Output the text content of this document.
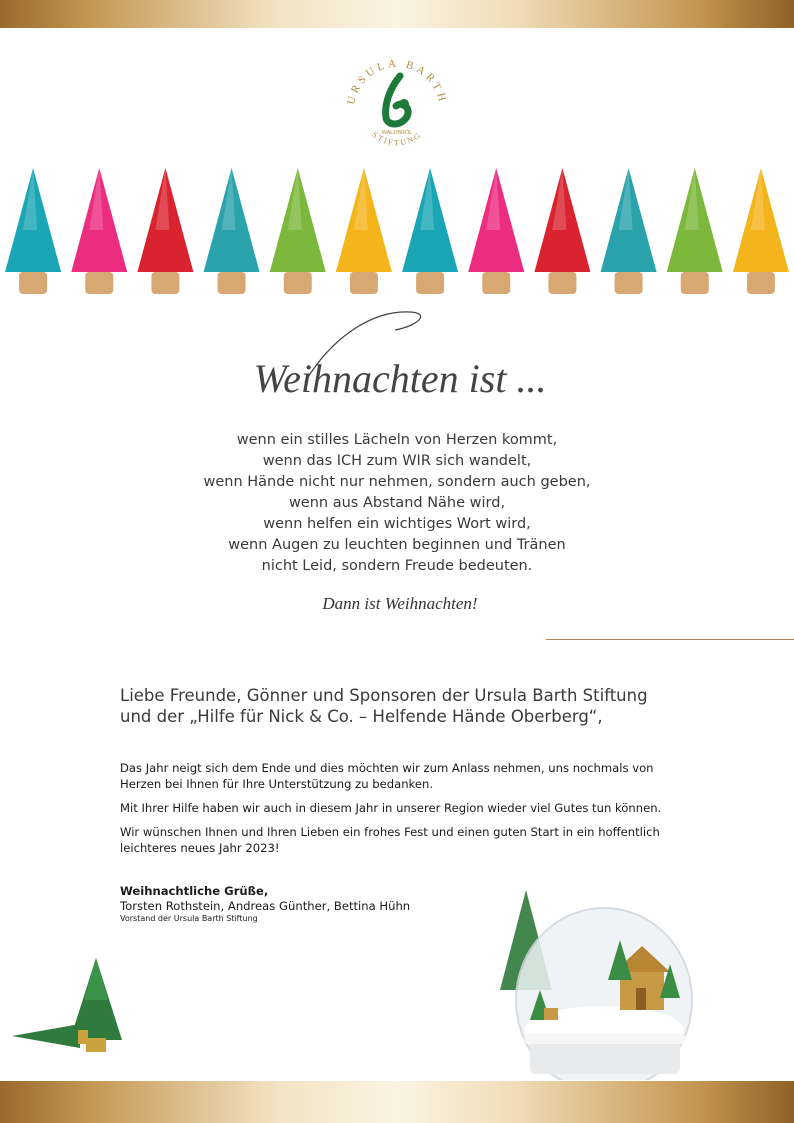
URSULA BARTH
STIFTUNG
WALDBRÖL
Weihnachten ist ...
wenn ein stilles Lächeln von Herzen kommt,
wenn das ICH zum WIR sich wandelt,
wenn Hände nicht nur nehmen, sondern auch geben,
wenn aus Abstand Nähe wird,
wenn helfen ein wichtiges Wort wird,
wenn Augen zu leuchten beginnen und Tränen
nicht Leid, sondern Freude bedeuten.
Dann ist Weihnachten!
Liebe Freunde, Gönner und Sponsoren der Ursula Barth Stiftung
und der „Hilfe für Nick & Co. – Helfende Hände Oberberg“,

Das Jahr neigt sich dem Ende und dies möchten wir zum Anlass nehmen, uns nochmals von Herzen bei Ihnen für Ihre Unterstützung zu bedanken.

Mit Ihrer Hilfe haben wir auch in diesem Jahr in unserer Region wieder viel Gutes tun können.

Wir wünschen Ihnen und Ihren Lieben ein frohes Fest und einen guten Start in ein hoffentlich leichteres neues Jahr 2023!

Weihnachtliche Grüße,
Torsten Rothstein, Andreas Günther, Bettina Hühn
Vorstand der Ursula Barth Stiftung
